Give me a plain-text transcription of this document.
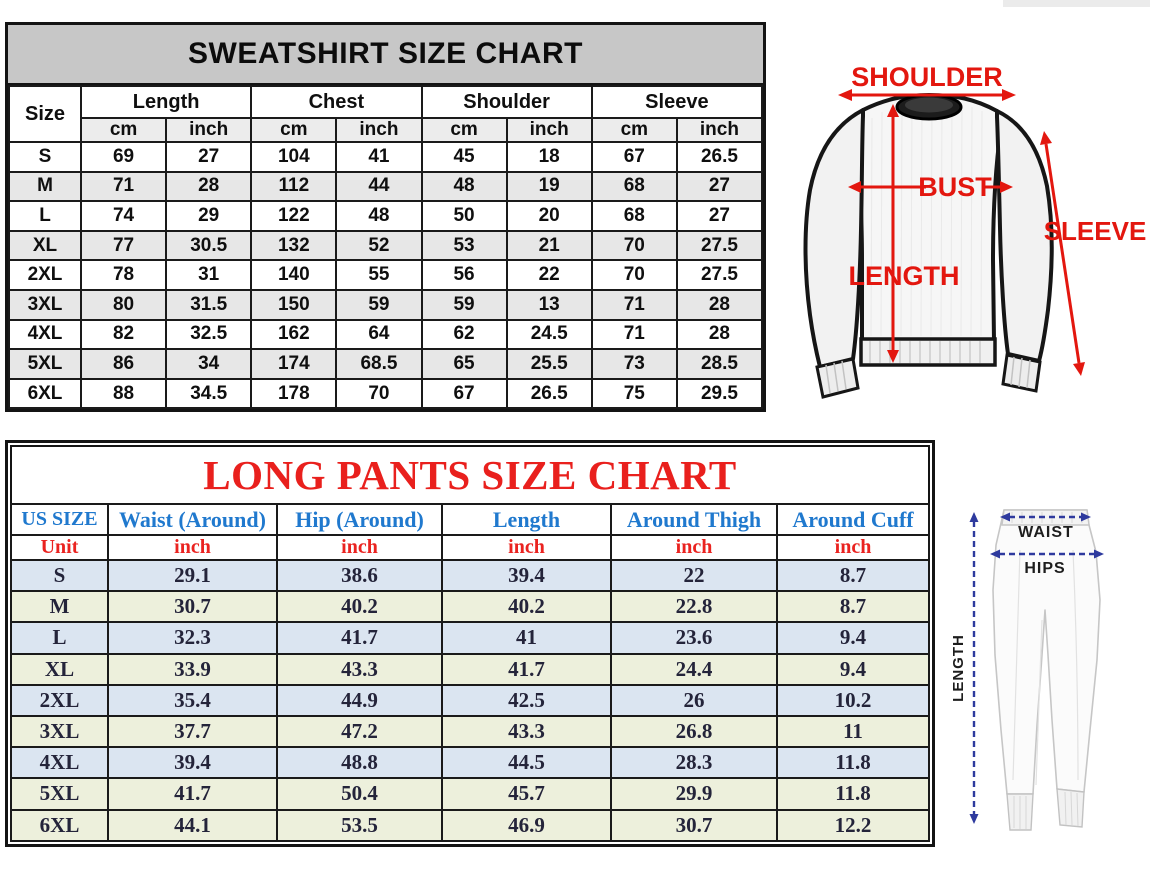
SWEATSHIRT SIZE CHART
Size	Length		Chest		Shoulder		Sleeve	
	cm	inch	cm	inch	cm	inch	cm	inch
S	69	27	104	41	45	18	67	26.5
M	71	28	112	44	48	19	68	27
L	74	29	122	48	50	20	68	27
XL	77	30.5	132	52	53	21	70	27.5
2XL	78	31	140	55	56	22	70	27.5
3XL	80	31.5	150	59	59	13	71	28
4XL	82	32.5	162	64	62	24.5	71	28
5XL	86	34	174	68.5	65	25.5	73	28.5
6XL	88	34.5	178	70	67	26.5	75	29.5
SHOULDER
BUST
LENGTH
SLEEVE
LONG PANTS SIZE CHART
US SIZE	Waist (Around)	Hip (Around)	Length	Around Thigh	Around Cuff
Unit	inch	inch	inch	inch	inch
S	29.1	38.6	39.4	22	8.7
M	30.7	40.2	40.2	22.8	8.7
L	32.3	41.7	41	23.6	9.4
XL	33.9	43.3	41.7	24.4	9.4
2XL	35.4	44.9	42.5	26	10.2
3XL	37.7	47.2	43.3	26.8	11
4XL	39.4	48.8	44.5	28.3	11.8
5XL	41.7	50.4	45.7	29.9	11.8
6XL	44.1	53.5	46.9	30.7	12.2
WAIST
HIPS
LENGTH
